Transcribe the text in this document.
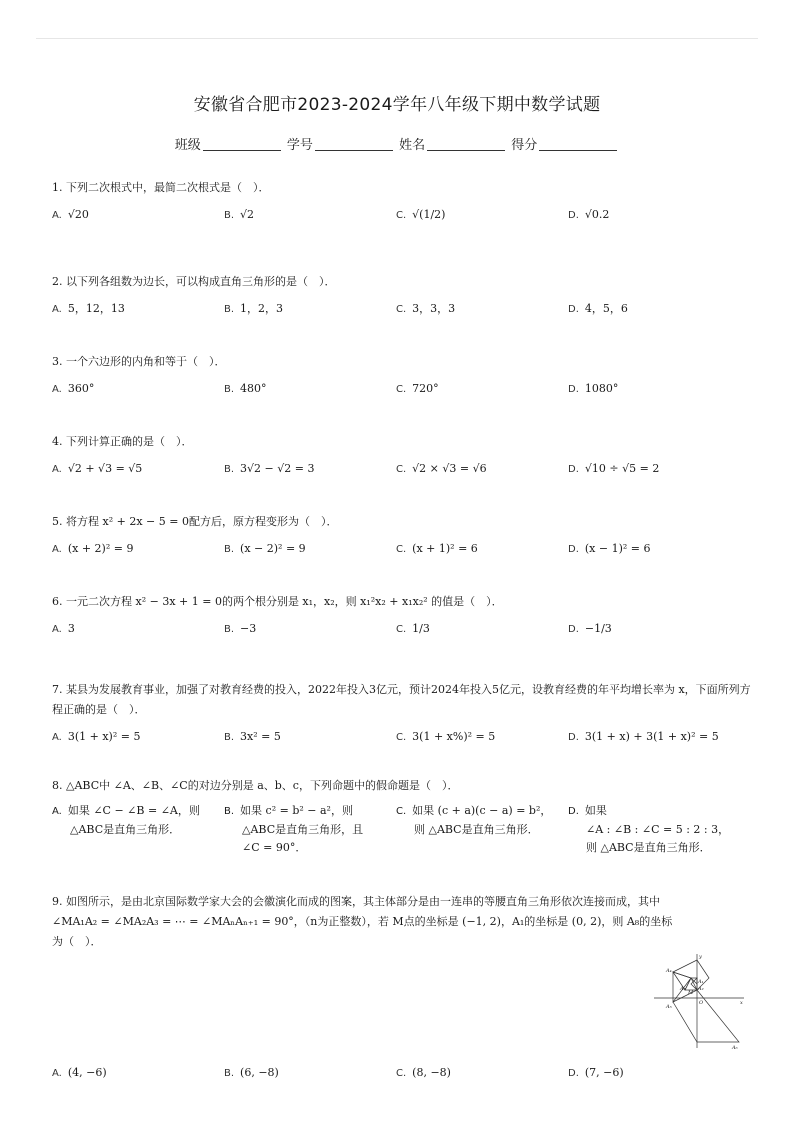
安徽省合肥市2023-2024学年八年级下期中数学试题
班级	学号	姓名	得分
1. 下列二次根式中，最简二次根式是（　）．
A. √20	B. √2	C. √(1/2)	D. √0.2
2. 以下列各组数为边长，可以构成直角三角形的是（　）．
A. 5，12，13	B. 1，2，3	C. 3，3，3	D. 4，5，6
3. 一个六边形的内角和等于（　）．
A. 360°	B. 480°	C. 720°	D. 1080°
4. 下列计算正确的是（　）．
A. √2 + √3 = √5	B. 3√2 − √2 = 3	C. √2 × √3 = √6	D. √10 ÷ √5 = 2
5. 将方程 x² + 2x − 5 = 0配方后，原方程变形为（　）．
A. (x + 2)² = 9	B. (x − 2)² = 9	C. (x + 1)² = 6	D. (x − 1)² = 6
6. 一元二次方程 x² − 3x + 1 = 0的两个根分别是 x₁，x₂，则 x₁²x₂ + x₁x₂² 的值是（　）．
A. 3	B. −3	C. 1/3	D. −1/3
7. 某县为发展教育事业，加强了对教育经费的投入，2022年投入3亿元，预计2024年投入5亿元，设教育经费的年平均增长率为 x，下面所列方程正确的是（　）．
A. 3(1 + x)² = 5	B. 3x² = 5	C. 3(1 + x%)² = 5	D. 3(1 + x) + 3(1 + x)² = 5
8. △ABC中 ∠A、∠B、∠C的对边分别是 a、b、c，下列命题中的假命题是（　）．
A. 如果 ∠C − ∠B = ∠A，则
△ABC是直角三角形．
B. 如果 c² = b² − a²，则
△ABC是直角三角形，且
∠C = 90°．
C. 如果 (c + a)(c − a) = b²，
则 △ABC是直角三角形．
D. 如果
∠A : ∠B : ∠C = 5 : 2 : 3，
则 △ABC是直角三角形．
9. 如图所示，是由北京国际数学家大会的会徽演化而成的图案，其主体部分是由一连串的等腰直角三角形依次连接而成，其中
∠MA₁A₂ = ∠MA₂A₃ = ⋯ = ∠MAₙAₙ₊₁ = 90°，（n为正整数），若 M点的坐标是 (−1, 2)，A₁的坐标是 (0, 2)，则 A₈的坐标
为（　）．
y
x
O
M
A₁
A₂
A₃
A₄
A₅
A₆
A. (4, −6)	B. (6, −8)	C. (8, −8)	D. (7, −6)
